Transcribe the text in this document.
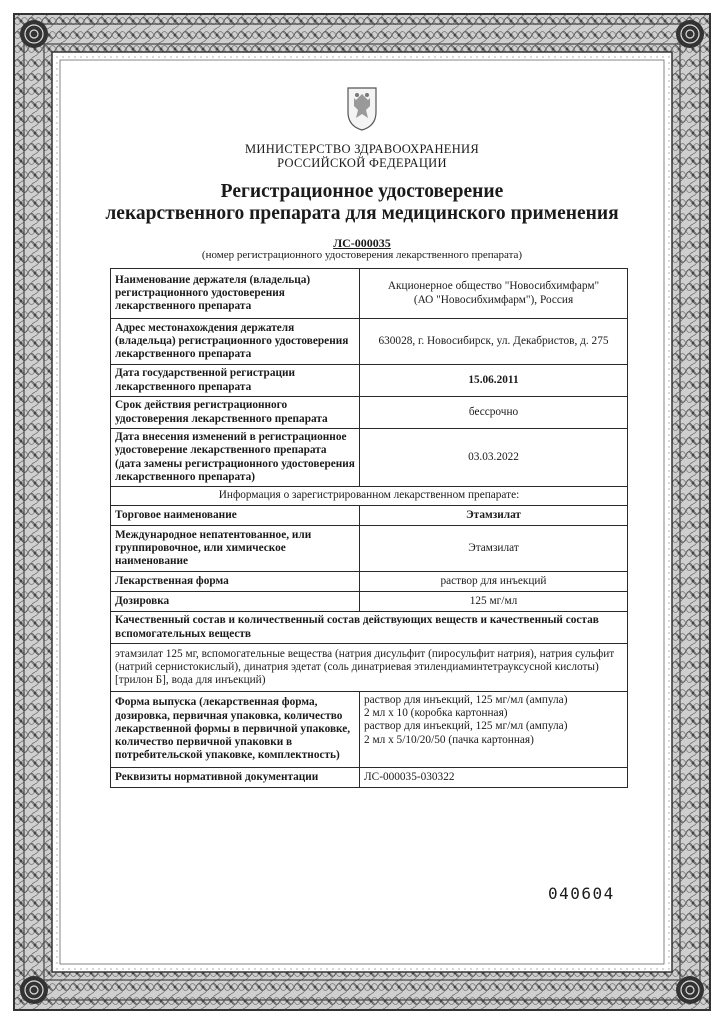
МИНИСТЕРСТВО ЗДРАВООХРАНЕНИЯ
РОССИЙСКОЙ ФЕДЕРАЦИИ
Регистрационное удостоверение
лекарственного препарата для медицинского применения
ЛС-000035
(номер регистрационного удостоверения лекарственного препарата)
Наименование держателя (владельца) регистрационного удостоверения лекарственного препарата	Акционерное общество "Новосибхимфарм"
(АО "Новосибхимфарм"), Россия

Адрес местонахождения держателя (владельца) регистрационного удостоверения лекарственного препарата	630028, г. Новосибирск, ул. Декабристов, д. 275
Дата государственной регистрации лекарственного препарата	15.06.2011
Срок действия регистрационного удостоверения лекарственного препарата	бессрочно
Дата внесения изменений в регистрационное удостоверение лекарственного препарата (дата замены регистрационного удостоверения лекарственного препарата)	03.03.2022
Информация о зарегистрированном лекарственном препарате:	
Торговое наименование	Этамзилат
Международное непатентованное, или группировочное, или химическое наименование	Этамзилат
Лекарственная форма	раствор для инъекций
Дозировка	125 мг/мл
Качественный состав и количественный состав действующих веществ и качественный состав вспомогательных веществ	
этамзилат 125 мг, вспомогательные вещества (натрия дисульфит (пиросульфит натрия), натрия сульфит (натрий сернистокислый), динатрия эдетат (соль динатриевая этилендиаминтетрауксусной кислоты) [трилон Б], вода для инъекций)	
Форма выпуска (лекарственная форма, дозировка, первичная упаковка, количество лекарственной формы в первичной упаковке, количество первичной упаковки в потребительской упаковке, комплектность)	раствор для инъекций, 125 мг/мл (ампула)
2 мл х 10 (коробка картонная)
раствор для инъекций, 125 мг/мл (ампула)
2 мл х 5/10/20/50 (пачка картонная)

Реквизиты нормативной документации	ЛС-000035-030322
040604
